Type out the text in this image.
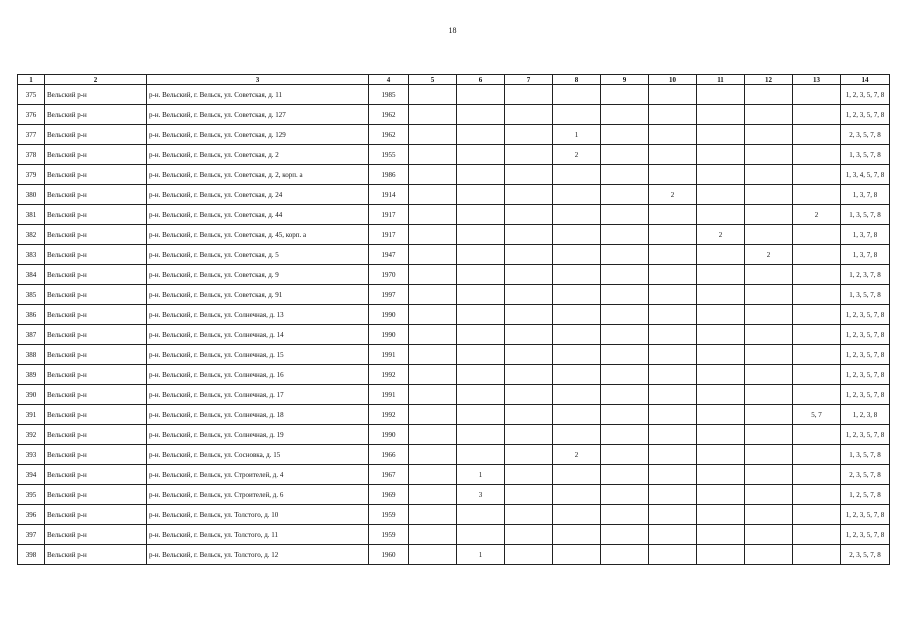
18
1	2	3	4	5	6	7	8	9	10	11	12	13	14
375	Вельский р-н	р-н. Вельский, г. Вельск, ул. Советская, д. 11	1985										1, 2, 3, 5, 7, 8
376	Вельский р-н	р-н. Вельский, г. Вельск, ул. Советская, д. 127	1962										1, 2, 3, 5, 7, 8
377	Вельский р-н	р-н. Вельский, г. Вельск, ул. Советская, д. 129	1962				1						2, 3, 5, 7, 8
378	Вельский р-н	р-н. Вельский, г. Вельск, ул. Советская, д. 2	1955				2						1, 3, 5, 7, 8
379	Вельский р-н	р-н. Вельский, г. Вельск, ул. Советская, д. 2, корп. а	1986										1, 3, 4, 5, 7, 8
380	Вельский р-н	р-н. Вельский, г. Вельск, ул. Советская, д. 24	1914						2				1, 3, 7, 8
381	Вельский р-н	р-н. Вельский, г. Вельск, ул. Советская, д. 44	1917									2	1, 3, 5, 7, 8
382	Вельский р-н	р-н. Вельский, г. Вельск, ул. Советская, д. 45, корп. а	1917							2			1, 3, 7, 8
383	Вельский р-н	р-н. Вельский, г. Вельск, ул. Советская, д. 5	1947								2		1, 3, 7, 8
384	Вельский р-н	р-н. Вельский, г. Вельск, ул. Советская, д. 9	1970										1, 2, 3, 7, 8
385	Вельский р-н	р-н. Вельский, г. Вельск, ул. Советская, д. 91	1997										1, 3, 5, 7, 8
386	Вельский р-н	р-н. Вельский, г. Вельск, ул. Солнечная, д. 13	1990										1, 2, 3, 5, 7, 8
387	Вельский р-н	р-н. Вельский, г. Вельск, ул. Солнечная, д. 14	1990										1, 2, 3, 5, 7, 8
388	Вельский р-н	р-н. Вельский, г. Вельск, ул. Солнечная, д. 15	1991										1, 2, 3, 5, 7, 8
389	Вельский р-н	р-н. Вельский, г. Вельск, ул. Солнечная, д. 16	1992										1, 2, 3, 5, 7, 8
390	Вельский р-н	р-н. Вельский, г. Вельск, ул. Солнечная, д. 17	1991										1, 2, 3, 5, 7, 8
391	Вельский р-н	р-н. Вельский, г. Вельск, ул. Солнечная, д. 18	1992									5, 7	1, 2, 3, 8
392	Вельский р-н	р-н. Вельский, г. Вельск, ул. Солнечная, д. 19	1990										1, 2, 3, 5, 7, 8
393	Вельский р-н	р-н. Вельский, г. Вельск, ул. Сосновка, д. 15	1966				2						1, 3, 5, 7, 8
394	Вельский р-н	р-н. Вельский, г. Вельск, ул. Строителей, д. 4	1967		1								2, 3, 5, 7, 8
395	Вельский р-н	р-н. Вельский, г. Вельск, ул. Строителей, д. 6	1969		3								1, 2, 5, 7, 8
396	Вельский р-н	р-н. Вельский, г. Вельск, ул. Толстого, д. 10	1959										1, 2, 3, 5, 7, 8
397	Вельский р-н	р-н. Вельский, г. Вельск, ул. Толстого, д. 11	1959										1, 2, 3, 5, 7, 8
398	Вельский р-н	р-н. Вельский, г. Вельск, ул. Толстого, д. 12	1960		1								2, 3, 5, 7, 8
